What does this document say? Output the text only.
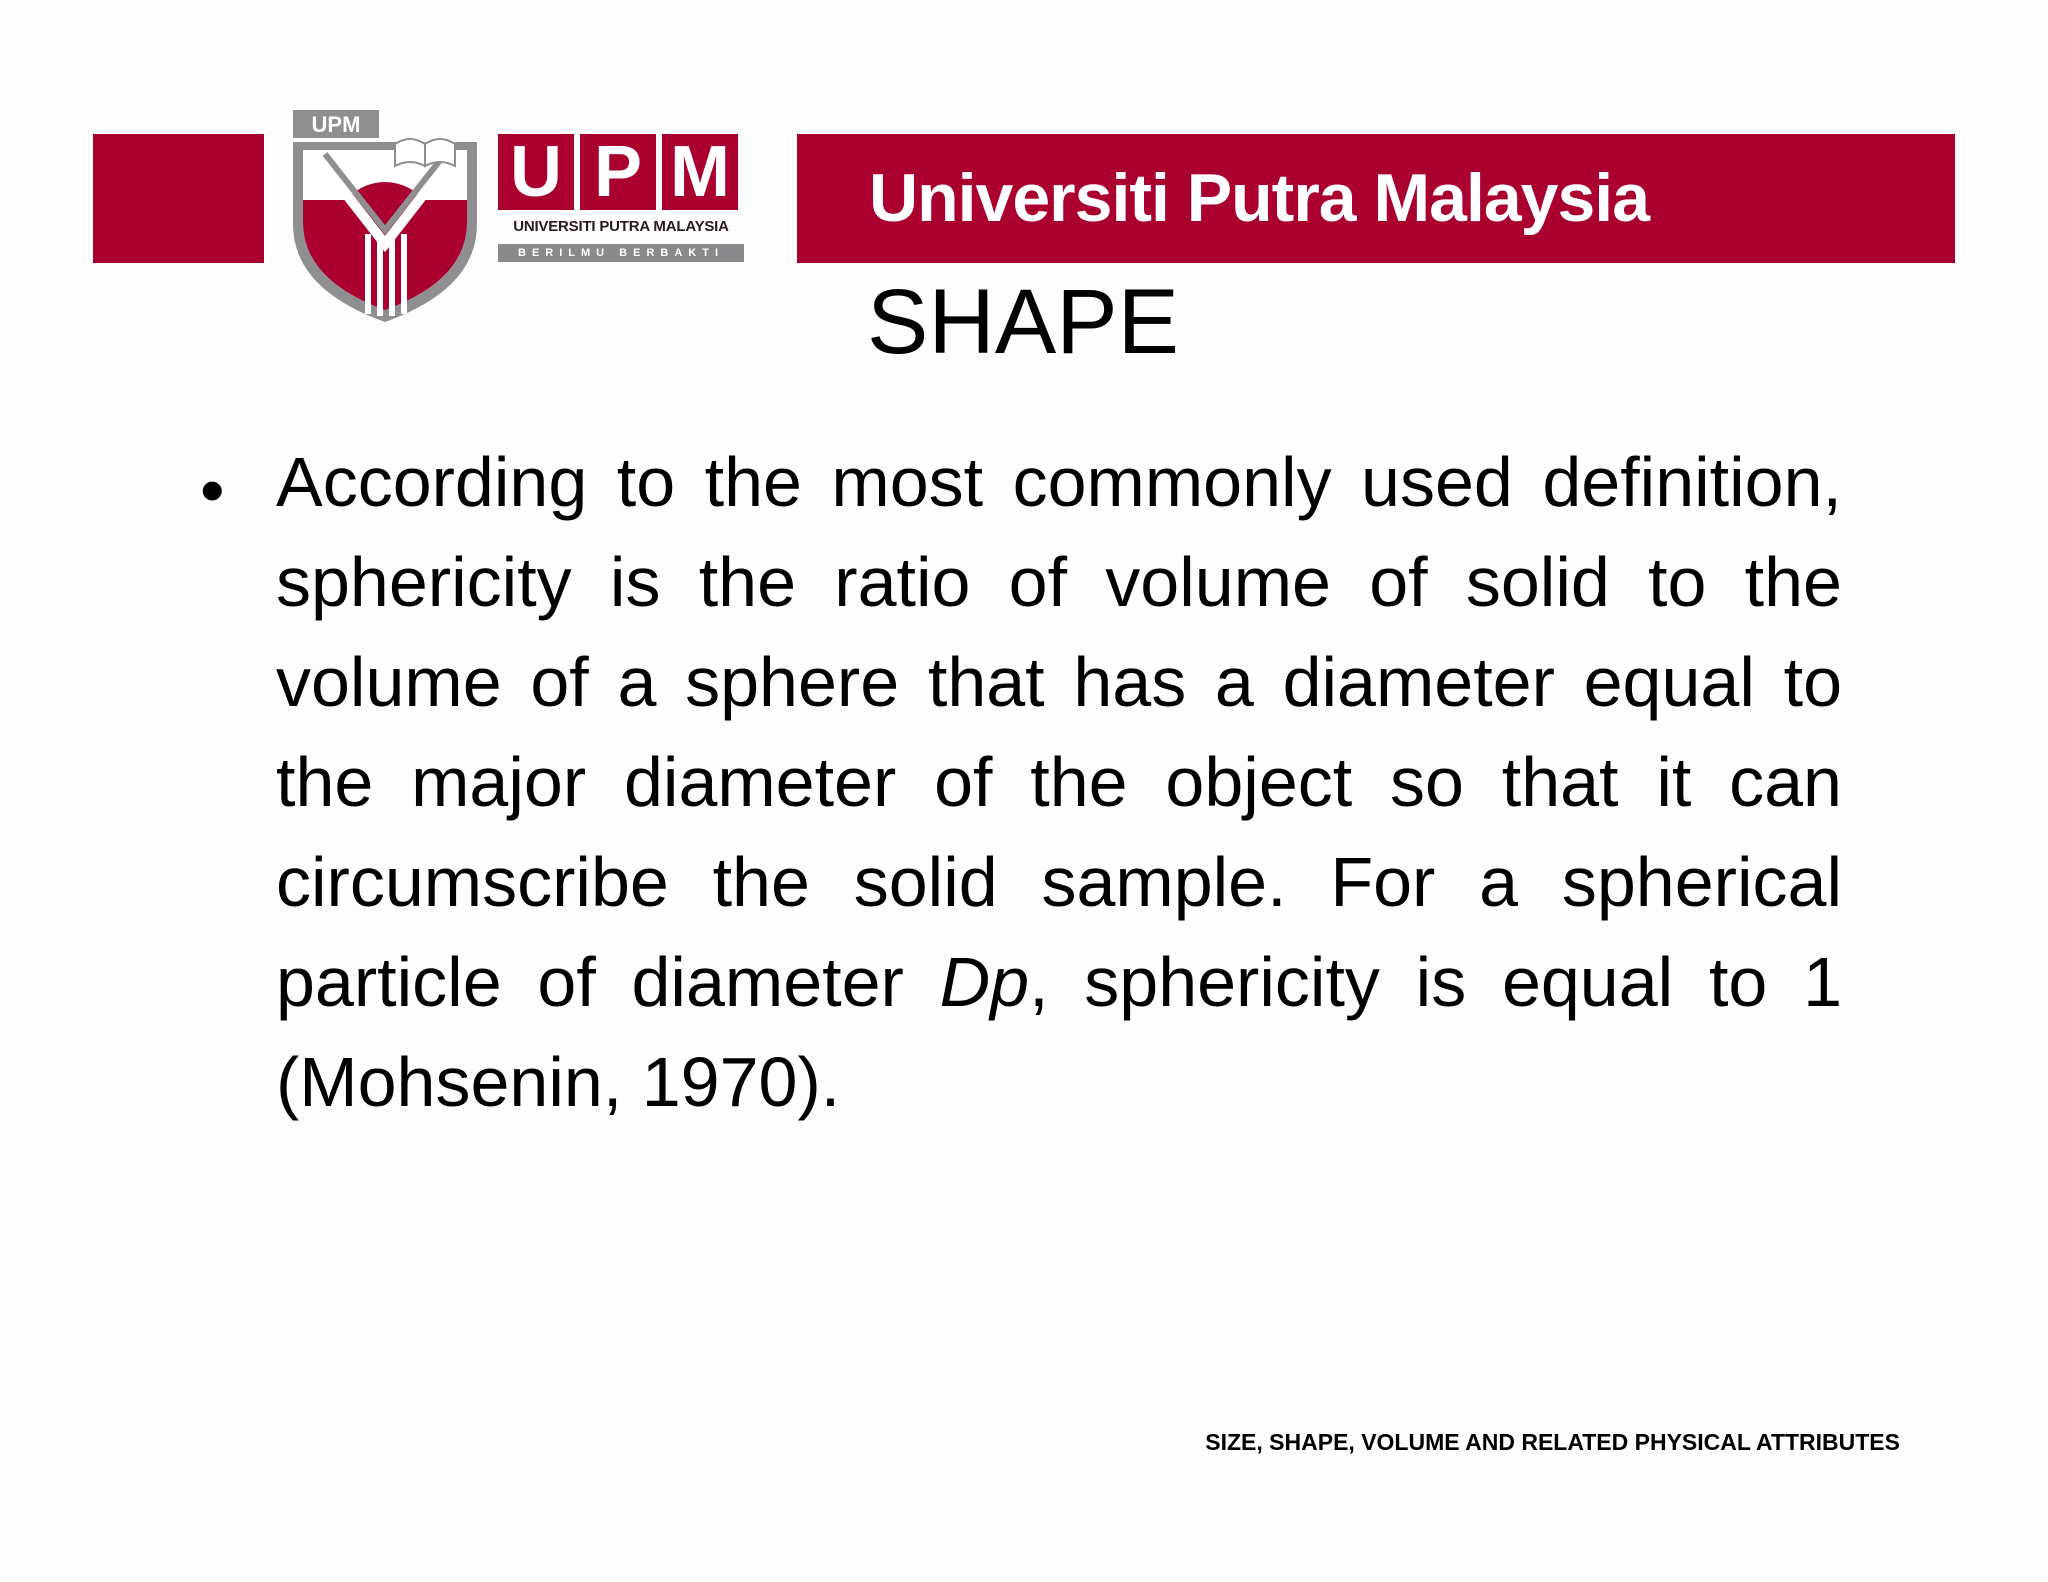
UPM
U P M
UNIVERSITI PUTRA MALAYSIA
BERILMU BERBAKTI
Universiti Putra Malaysia
SHAPE
• According to the most commonly used definition, sphericity is the ratio of volume of solid to the volume of a sphere that has a diameter equal to the major diameter of the object so that it can circumscribe the solid sample. For a spherical particle of diameter Dp, sphericity is equal to 1 (Mohsenin, 1970).
SIZE, SHAPE, VOLUME AND RELATED PHYSICAL ATTRIBUTES
